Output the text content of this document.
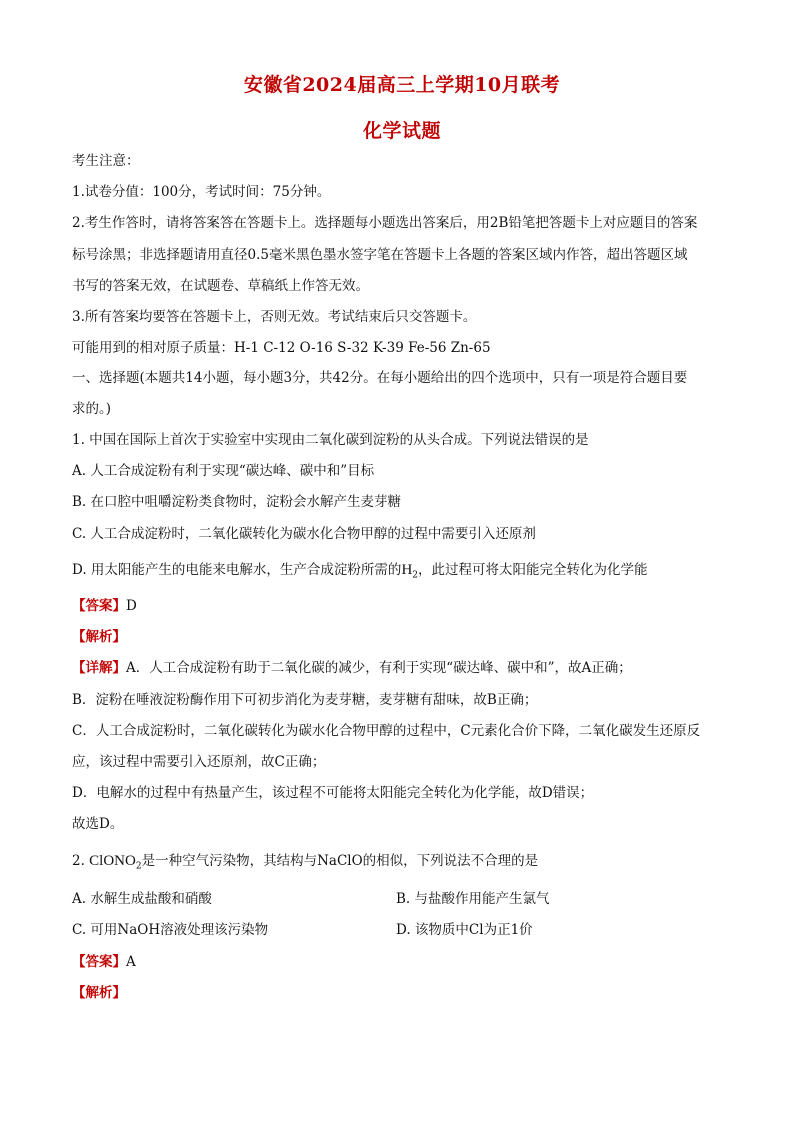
安徽省2024届高三上学期10月联考
化学试题
考生注意：
1.试卷分值：100分，考试时间：75分钟。
2.考生作答时，请将答案答在答题卡上。选择题每小题选出答案后，用2B铅笔把答题卡上对应题目的答案
标号涂黑；非选择题请用直径0.5毫米黑色墨水签字笔在答题卡上各题的答案区域内作答，超出答题区域
书写的答案无效，在试题卷、草稿纸上作答无效。
3.所有答案均要答在答题卡上，否则无效。考试结束后只交答题卡。
可能用到的相对原子质量：H-1 C-12 O-16 S-32 K-39 Fe-56 Zn-65
一、选择题(本题共14小题，每小题3分，共42分。在每小题给出的四个选项中，只有一项是符合题目要
求的。)
1. 中国在国际上首次于实验室中实现由二氧化碳到淀粉的从头合成。下列说法错误的是
A. 人工合成淀粉有利于实现“碳达峰、碳中和”目标
B. 在口腔中咀嚼淀粉类食物时，淀粉会水解产生麦芽糖
C. 人工合成淀粉时，二氧化碳转化为碳水化合物甲醇的过程中需要引入还原剂
D. 用太阳能产生的电能来电解水，生产合成淀粉所需的$H_2$，此过程可将太阳能完全转化为化学能
【答案】D
【解析】
【详解】A．人工合成淀粉有助于二氧化碳的减少，有利于实现“碳达峰、碳中和”，故A正确；
B．淀粉在唾液淀粉酶作用下可初步消化为麦芽糖，麦芽糖有甜味，故B正确；
C．人工合成淀粉时，二氧化碳转化为碳水化合物甲醇的过程中，C元素化合价下降，二氧化碳发生还原反
应，该过程中需要引入还原剂，故C正确；
D．电解水的过程中有热量产生，该过程不可能将太阳能完全转化为化学能，故D错误；
故选D。
2. ClONO$_2$是一种空气污染物，其结构与NaClO的相似，下列说法不合理的是
A. 水解生成盐酸和硝酸	B. 与盐酸作用能产生氯气
C. 可用NaOH溶液处理该污染物	D. 该物质中Cl为正1价
【答案】A
【解析】
